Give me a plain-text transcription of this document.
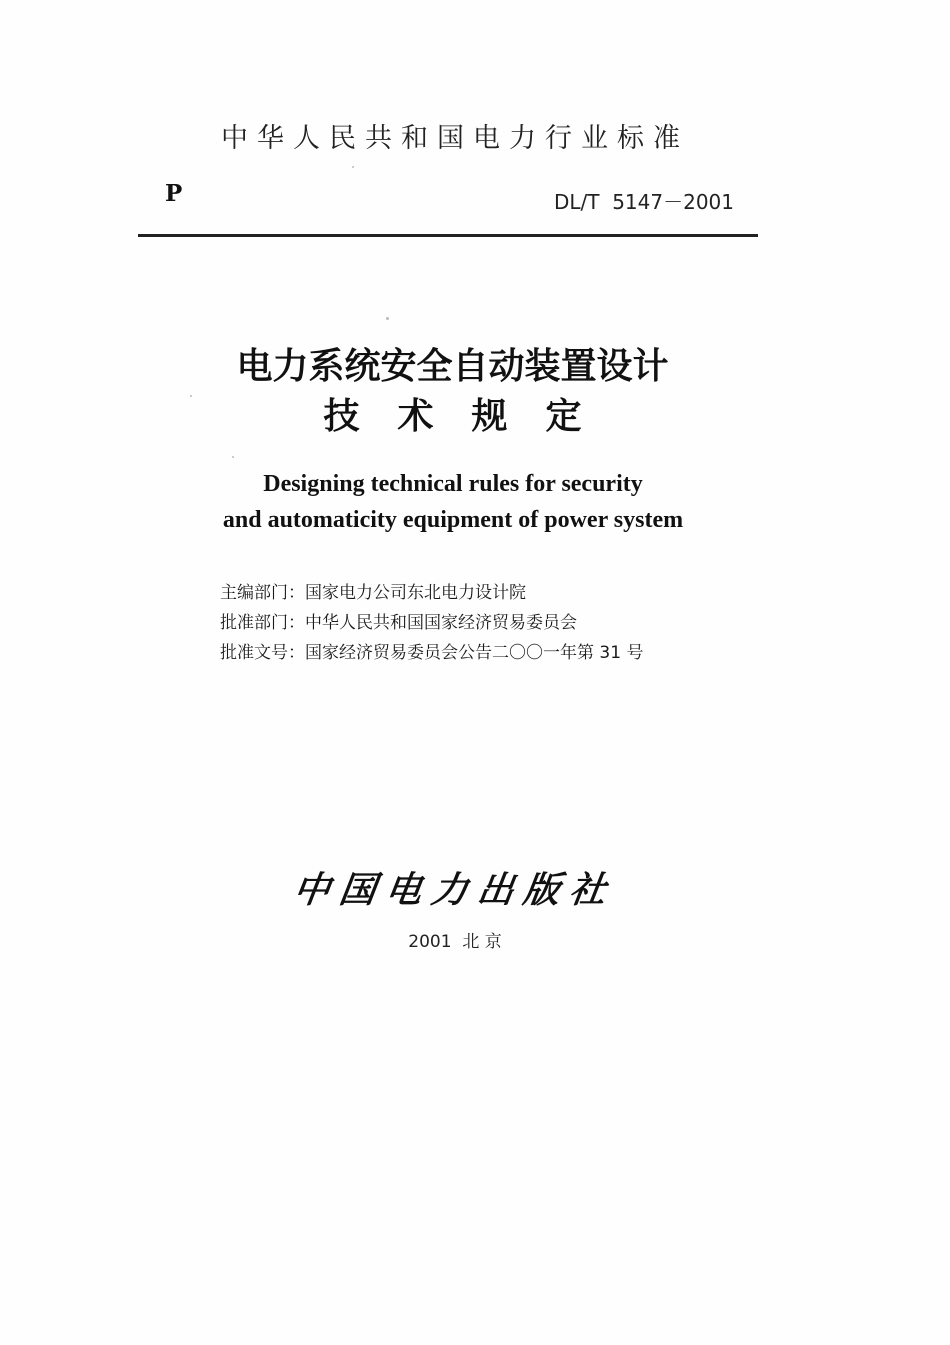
中华人民共和国电力行业标准
P	DL/T  5147－2001
电力系统安全自动装置设计
技术规定
Designing technical rules for security
and automaticity equipment of power system
主编部门：国家电力公司东北电力设计院
批准部门：中华人民共和国国家经济贸易委员会
批准文号：国家经济贸易委员会公告二〇〇一年第 31 号
中国电力出版社
2001  北 京
